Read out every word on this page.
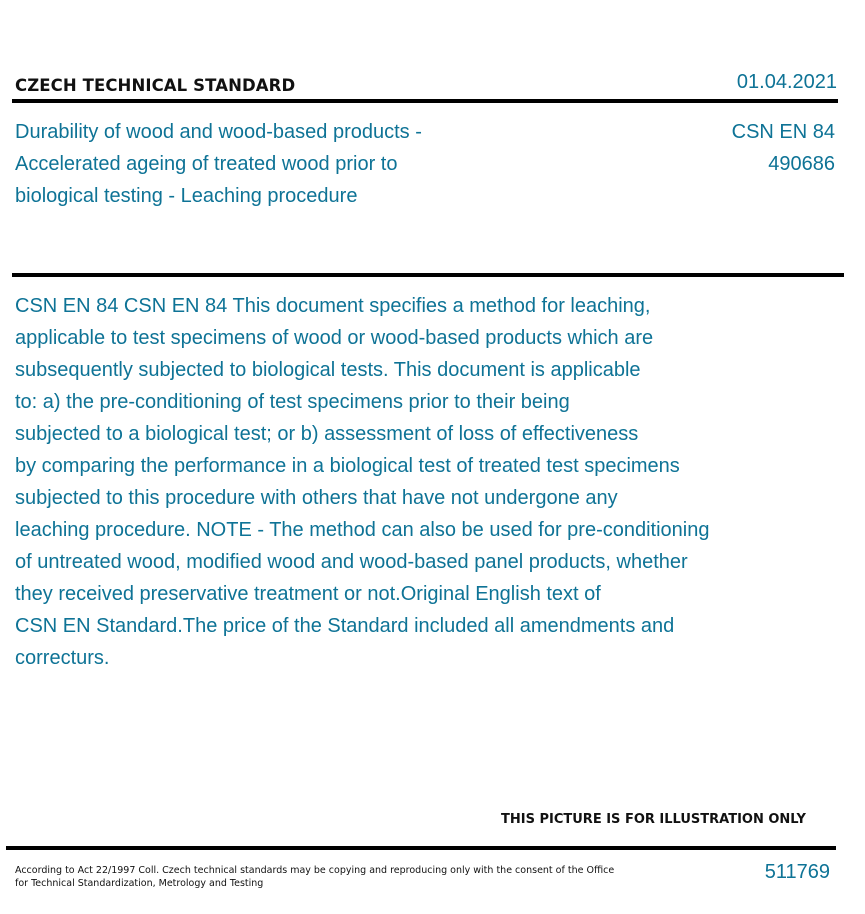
CZECH TECHNICAL STANDARD	01.04.2021
Durability of wood and wood-based products -
Accelerated ageing of treated wood prior to
biological testing - Leaching procedure
CSN EN 84
490686
CSN EN 84 CSN EN 84 This document specifies a method for leaching,
applicable to test specimens of wood or wood-based products which are
subsequently subjected to biological tests. This document is applicable
to: a) the pre-conditioning of test specimens prior to their being
subjected to a biological test; or b) assessment of loss of effectiveness
by comparing the performance in a biological test of treated test specimens
subjected to this procedure with others that have not undergone any
leaching procedure. NOTE - The method can also be used for pre-conditioning
of untreated wood, modified wood and wood-based panel products, whether
they received preservative treatment or not.Original English text of
CSN EN Standard.The price of the Standard included all amendments and
correcturs.
THIS PICTURE IS FOR ILLUSTRATION ONLY
According to Act 22/1997 Coll. Czech technical standards may be copying and reproducing only with the consent of the Office
for Technical Standardization, Metrology and Testing
511769
